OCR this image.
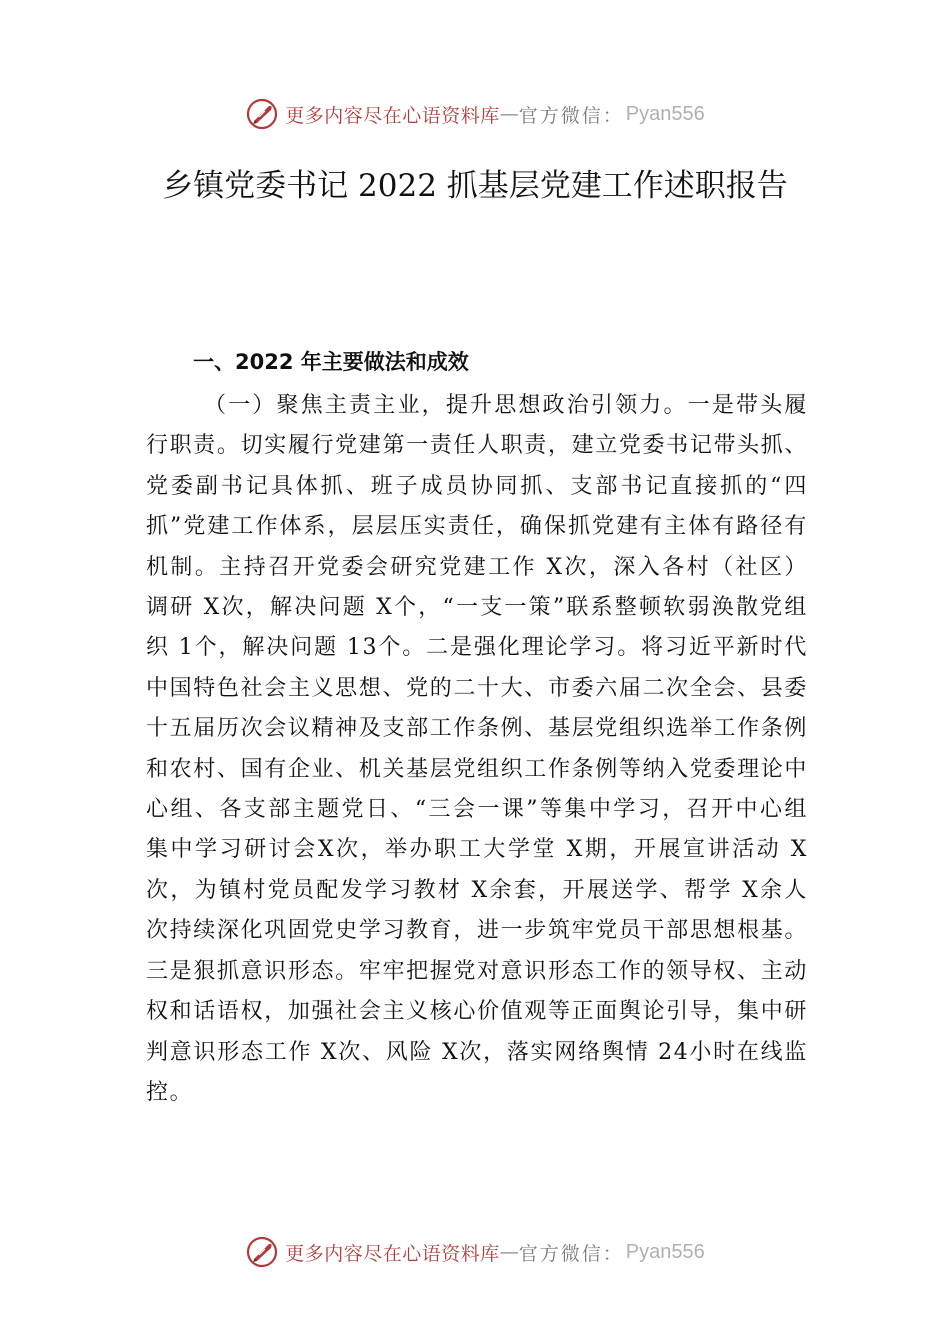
更多内容尽在心语资料库 — 官方微信： Pyan556
乡镇党委书记 2022 抓基层党建工作述职报告
一、2022 年主要做法和成效

（一）聚焦主责主业，提升思想政治引领力。一是带头履行职责。切实履行党建第一责任人职责，建立党委书记带头抓、党委副书记具体抓、班子成员协同抓、支部书记直接抓的“四抓”党建工作体系，层层压实责任，确保抓党建有主体有路径有机制。主持召开党委会研究党建工作 X次，深入各村（社区）调研 X次，解决问题 X个，“一支一策”联系整顿软弱涣散党组织 1个，解决问题 13个。二是强化理论学习。将习近平新时代中国特色社会主义思想、党的二十大、市委六届二次全会、县委十五届历次会议精神及支部工作条例、基层党组织选举工作条例和农村、国有企业、机关基层党组织工作条例等纳入党委理论中心组、各支部主题党日、“三会一课”等集中学习，召开中心组集中学习研讨会X次，举办职工大学堂 X期，开展宣讲活动 X次，为镇村党员配发学习教材 X余套，开展送学、帮学 X余人次持续深化巩固党史学习教育，进一步筑牢党员干部思想根基。三是狠抓意识形态。牢牢把握党对意识形态工作的领导权、主动权和话语权，加强社会主义核心价值观等正面舆论引导，集中研判意识形态工作 X次、风险 X次，落实网络舆情 24小时在线监控。

更多内容尽在心语资料库 — 官方微信： Pyan556
